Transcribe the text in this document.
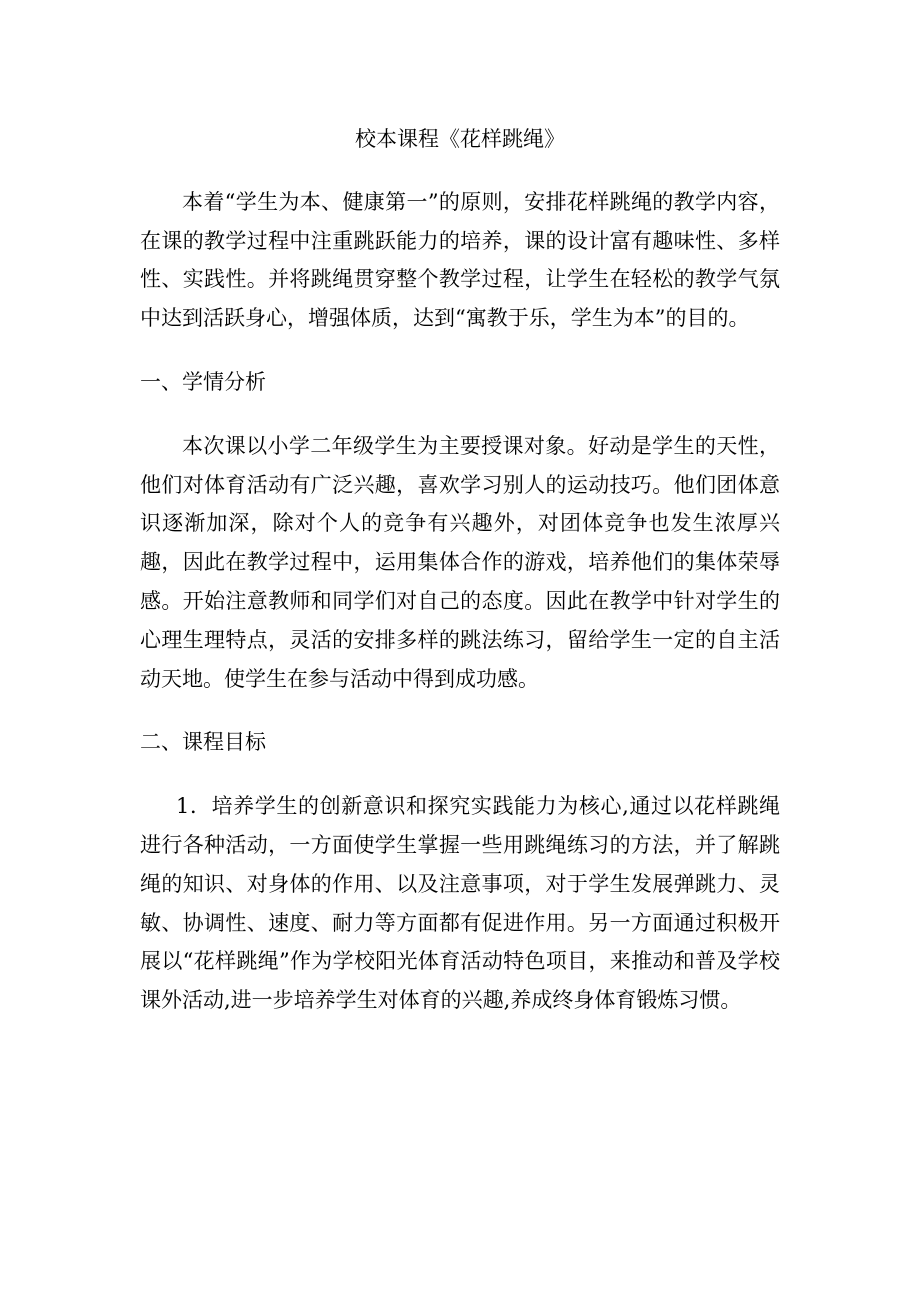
校本课程《花样跳绳》

本着“学生为本、健康第一”的原则，安排花样跳绳的教学内容，在课的教学过程中注重跳跃能力的培养，课的设计富有趣味性、多样性、实践性。并将跳绳贯穿整个教学过程，让学生在轻松的教学气氛中达到活跃身心，增强体质，达到“寓教于乐，学生为本”的目的。

一、学情分析

本次课以小学二年级学生为主要授课对象。好动是学生的天性，他们对体育活动有广泛兴趣，喜欢学习别人的运动技巧。他们团体意识逐渐加深，除对个人的竞争有兴趣外，对团体竞争也发生浓厚兴趣，因此在教学过程中，运用集体合作的游戏，培养他们的集体荣辱感。开始注意教师和同学们对自己的态度。因此在教学中针对学生的心理生理特点，灵活的安排多样的跳法练习，留给学生一定的自主活动天地。使学生在参与活动中得到成功感。

二、课程目标

1．培养学生的创新意识和探究实践能力为核心,通过以花样跳绳进行各种活动，一方面使学生掌握一些用跳绳练习的方法，并了解跳绳的知识、对身体的作用、以及注意事项，对于学生发展弹跳力、灵敏、协调性、速度、耐力等方面都有促进作用。另一方面通过积极开展以“花样跳绳”作为学校阳光体育活动特色项目，来推动和普及学校课外活动,进一步培养学生对体育的兴趣,养成终身体育锻炼习惯。
